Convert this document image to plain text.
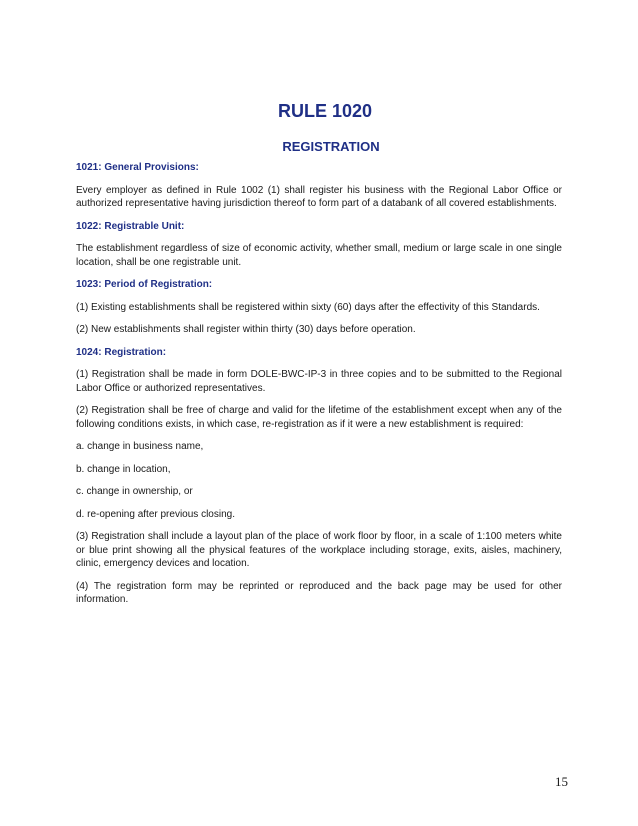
RULE 1020
REGISTRATION

1021: General Provisions:

Every employer as defined in Rule 1002 (1) shall register his business with the Regional Labor Office or authorized representative having jurisdiction thereof to form part of a databank of all covered establishments.

1022: Registrable Unit:

The establishment regardless of size of economic activity, whether small, medium or large scale in one single location, shall be one registrable unit.

1023: Period of Registration:

(1) Existing establishments shall be registered within sixty (60) days after the effectivity of this Standards.

(2) New establishments shall register within thirty (30) days before operation.

1024: Registration:

(1) Registration shall be made in form DOLE-BWC-IP-3 in three copies and to be submitted to the Regional Labor Office or authorized representatives.

(2) Registration shall be free of charge and valid for the lifetime of the establishment except when any of the following conditions exists, in which case, re-registration as if it were a new establishment is required:

a. change in business name,

b. change in location,

c. change in ownership, or

d. re-opening after previous closing.

(3) Registration shall include a layout plan of the place of work floor by floor, in a scale of 1:100 meters white or blue print showing all the physical features of the workplace including storage, exits, aisles, machinery, clinic, emergency devices and location.

(4) The registration form may be reprinted or reproduced and the back page may be used for other information.

15
